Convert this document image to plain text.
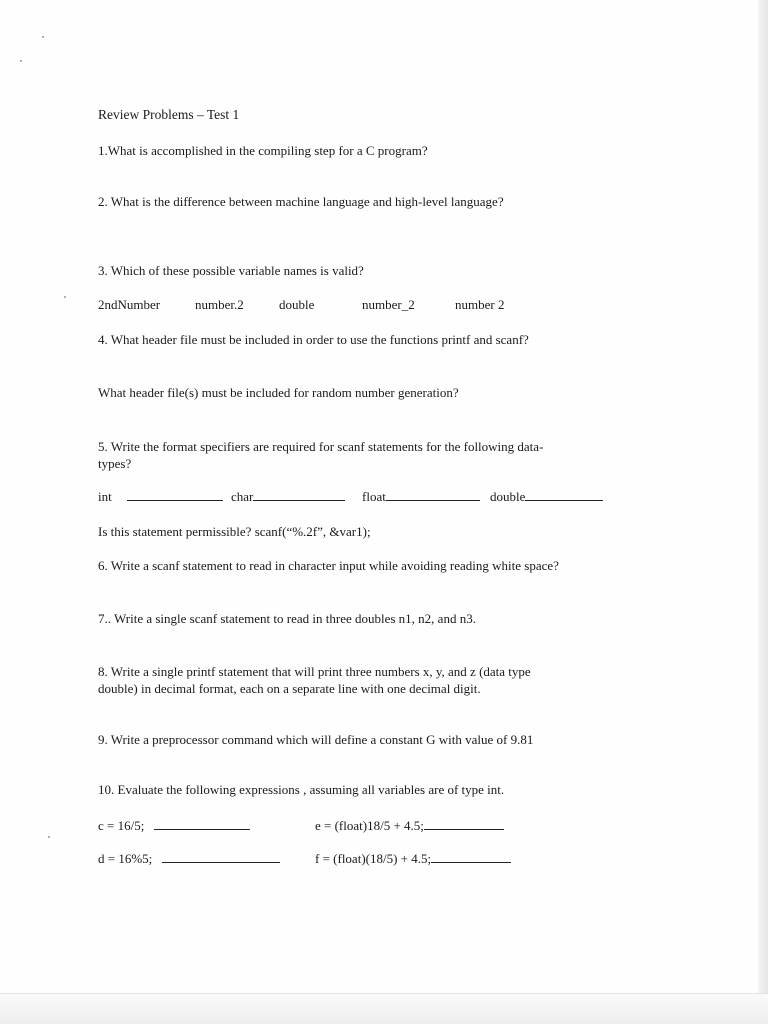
Review Problems – Test 1
1.What is accomplished in the compiling step for a C program?
2. What is the difference between machine language and high-level language?
3. Which of these possible variable names is valid?
2ndNumber	number.2	double	number_2	number 2
4. What header file must be included in order to use the functions printf and scanf?
What header file(s) must be included for random number generation?
5. Write the format specifiers are required for scanf statements for the following data-
types?
int	char	float	double
Is this statement permissible? scanf(“%.2f”, &var1);
6. Write a scanf statement to read in character input while avoiding reading white space?
7.. Write a single scanf statement to read in three doubles n1, n2, and n3.
8. Write a single printf statement that will print three numbers x, y, and z (data type
double) in decimal format, each on a separate line with one decimal digit.
9. Write a preprocessor command which will define a constant G with value of 9.81
10. Evaluate the following expressions , assuming all variables are of type int.
c = 16/5;	e = (float)18/5 + 4.5;
d = 16%5;	f = (float)(18/5) + 4.5;
